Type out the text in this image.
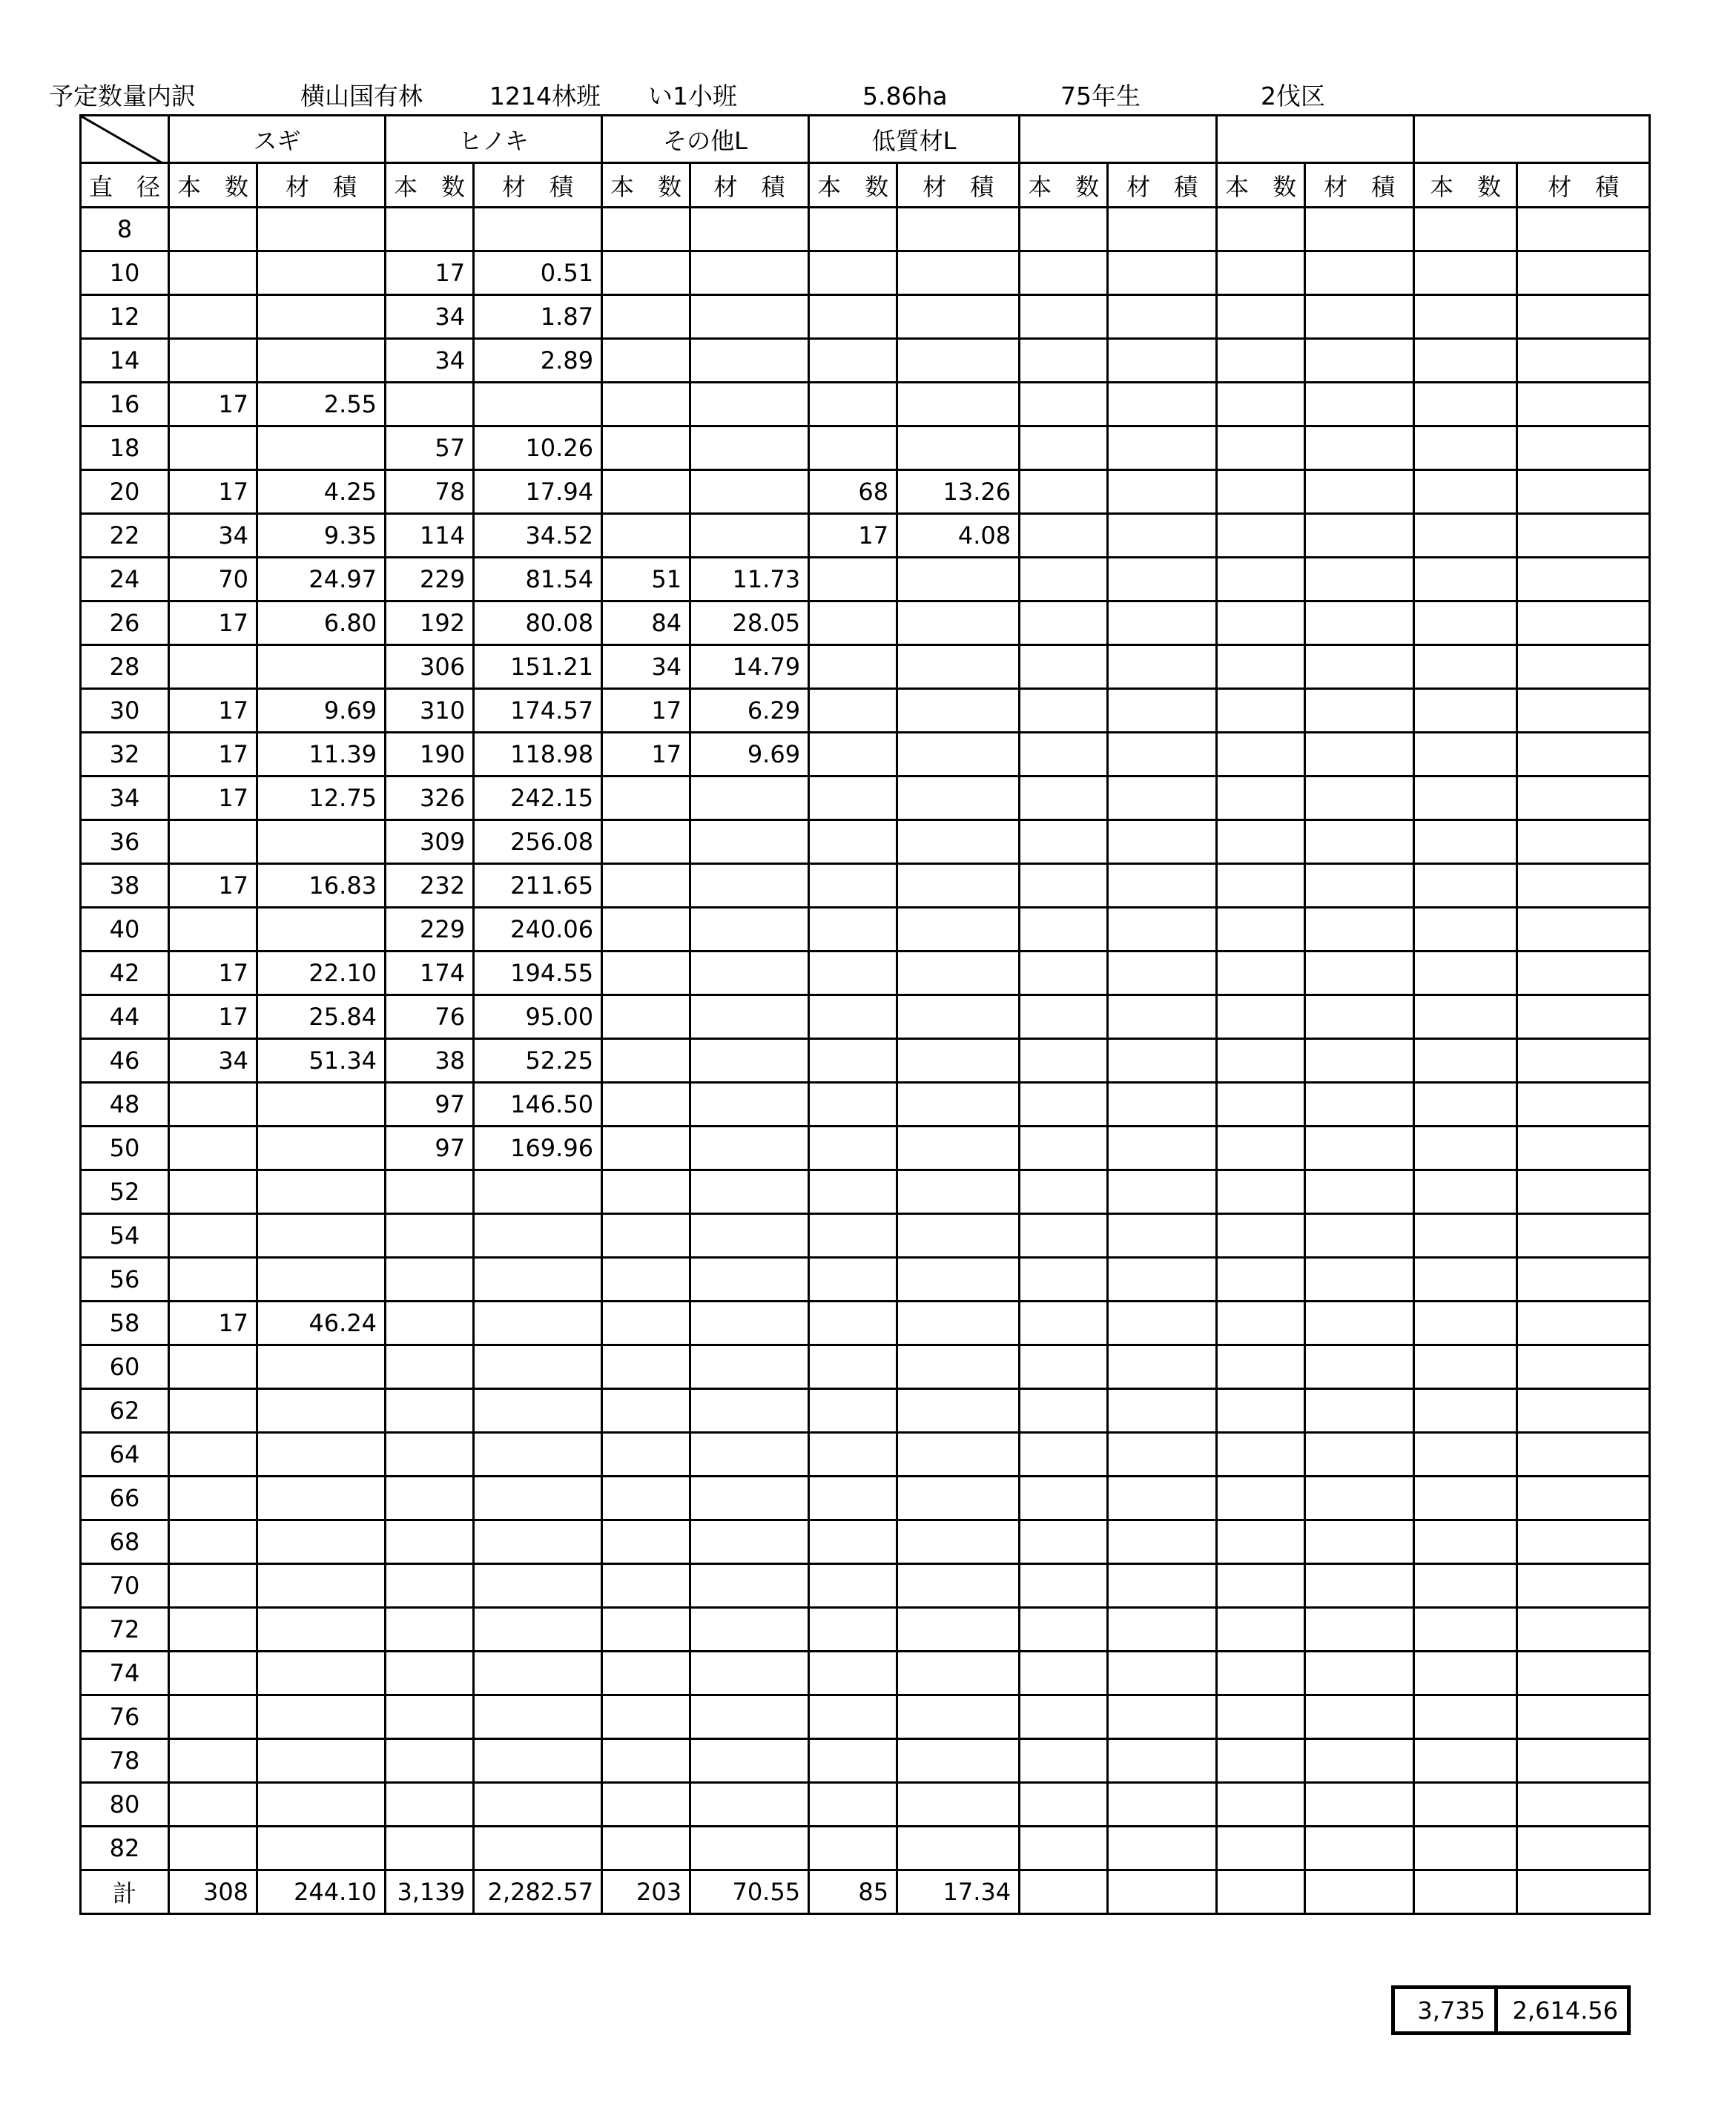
予定数量内訳	横山国有林	1214林班 い1小班	5.86ha	75年生	2伐区
	スギ		ヒノキ		その他L		低質材L							
直　径	本　数	材　積	本　数	材　積	本　数	材　積	本　数	材　積	本　数	材　積	本　数	材　積	本　数	材　積
8														
10			17	0.51										
12			34	1.87										
14			34	2.89										
16	17	2.55												
18			57	10.26										
20	17	4.25	78	17.94			68	13.26						
22	34	9.35	114	34.52			17	4.08						
24	70	24.97	229	81.54	51	11.73								
26	17	6.80	192	80.08	84	28.05								
28			306	151.21	34	14.79								
30	17	9.69	310	174.57	17	6.29								
32	17	11.39	190	118.98	17	9.69								
34	17	12.75	326	242.15										
36			309	256.08										
38	17	16.83	232	211.65										
40			229	240.06										
42	17	22.10	174	194.55										
44	17	25.84	76	95.00										
46	34	51.34	38	52.25										
48			97	146.50										
50			97	169.96										
52														
54														
56														
58	17	46.24												
60														
62														
64														
66														
68														
70														
72														
74														
76														
78														
80														
82														
計	308	244.10	3,139	2,282.57	203	70.55	85	17.34						
3,735	2,614.56
